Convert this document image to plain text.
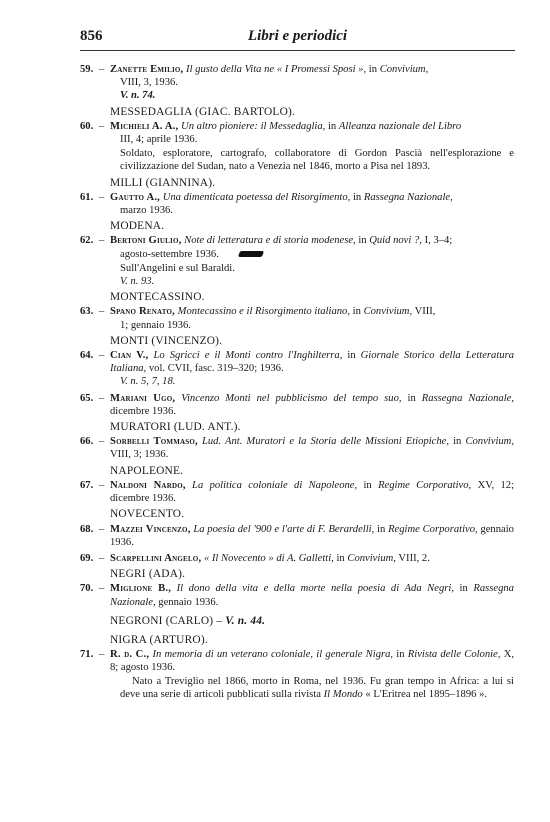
856	Libri e periodici
59. – Zanette Emilio, Il gusto della Vita ne « I Promessi Sposi », in Convivium,
VIII, 3, 1936.
V. n. 74.
MESSEDAGLIA (GIAC. BARTOLO).
60. – Michieli A. A., Un altro pioniere: il Messedaglia, in Alleanza nazionale del Libro
III, 4; aprile 1936.
Soldato, esploratore, cartografo, collaboratore di Gordon Pascià nell'esplorazione e civilizzazione del Sudan, nato a Venezia nel 1846, morto a Pisa nel 1893.
MILLI (GIANNINA).
61. – Gautto A., Una dimenticata poetessa del Risorgimento, in Rassegna Nazionale,
marzo 1936.
MODENA.
62. – Bertoni Giulio, Note di letteratura e di storia modenese, in Quid novi ?, I, 3–4;
agosto-settembre 1936.
Sull'Angelini e sul Baraldi.
V. n. 93.
MONTECASSINO.
63. – Spano Renato, Montecassino e il Risorgimento italiano, in Convivium, VIII,
1; gennaio 1936.
MONTI (VINCENZO).
64. – Cian V., Lo Sgricci e il Monti contro l'Inghilterra, in Giornale Storico della Letteratura Italiana, vol. CVII, fasc. 319–320; 1936.
V. n. 5, 7, 18.
65. – Mariani Ugo, Vincenzo Monti nel pubblicismo del tempo suo, in Rassegna Nazionale, dicembre 1936.
MURATORI (LUD. ANT.).
66. – Sorbelli Tommaso, Lud. Ant. Muratori e la Storia delle Missioni Etiopiche, in Convivium, VIII, 3; 1936.
NAPOLEONE.
67. – Naldoni Nardo, La politica coloniale di Napoleone, in Regime Corporativo, XV, 12; dicembre 1936.
NOVECENTO.
68. – Mazzei Vincenzo, La poesia del '900 e l'arte di F. Berardelli, in Regime Corporativo, gennaio 1936.
69. – Scarpellini Angelo, « Il Novecento » di A. Galletti, in Convivium, VIII, 2.
NEGRI (ADA).
70. – Miglione B., Il dono della vita e della morte nella poesia di Ada Negri, in Rassegna Nazionale, gennaio 1936.
NEGRONI (CARLO) – V. n. 44.
NIGRA (ARTURO).
71. – R. d. C., In memoria di un veterano coloniale, il generale Nigra, in Rivista delle Colonie, X, 8; agosto 1936.
Nato a Treviglio nel 1866, morto in Roma, nel 1936. Fu gran tempo in Africa: a lui si deve una serie di articoli pubblicati sulla rivista Il Mondo « L'Eritrea nel 1895–1896 ».
